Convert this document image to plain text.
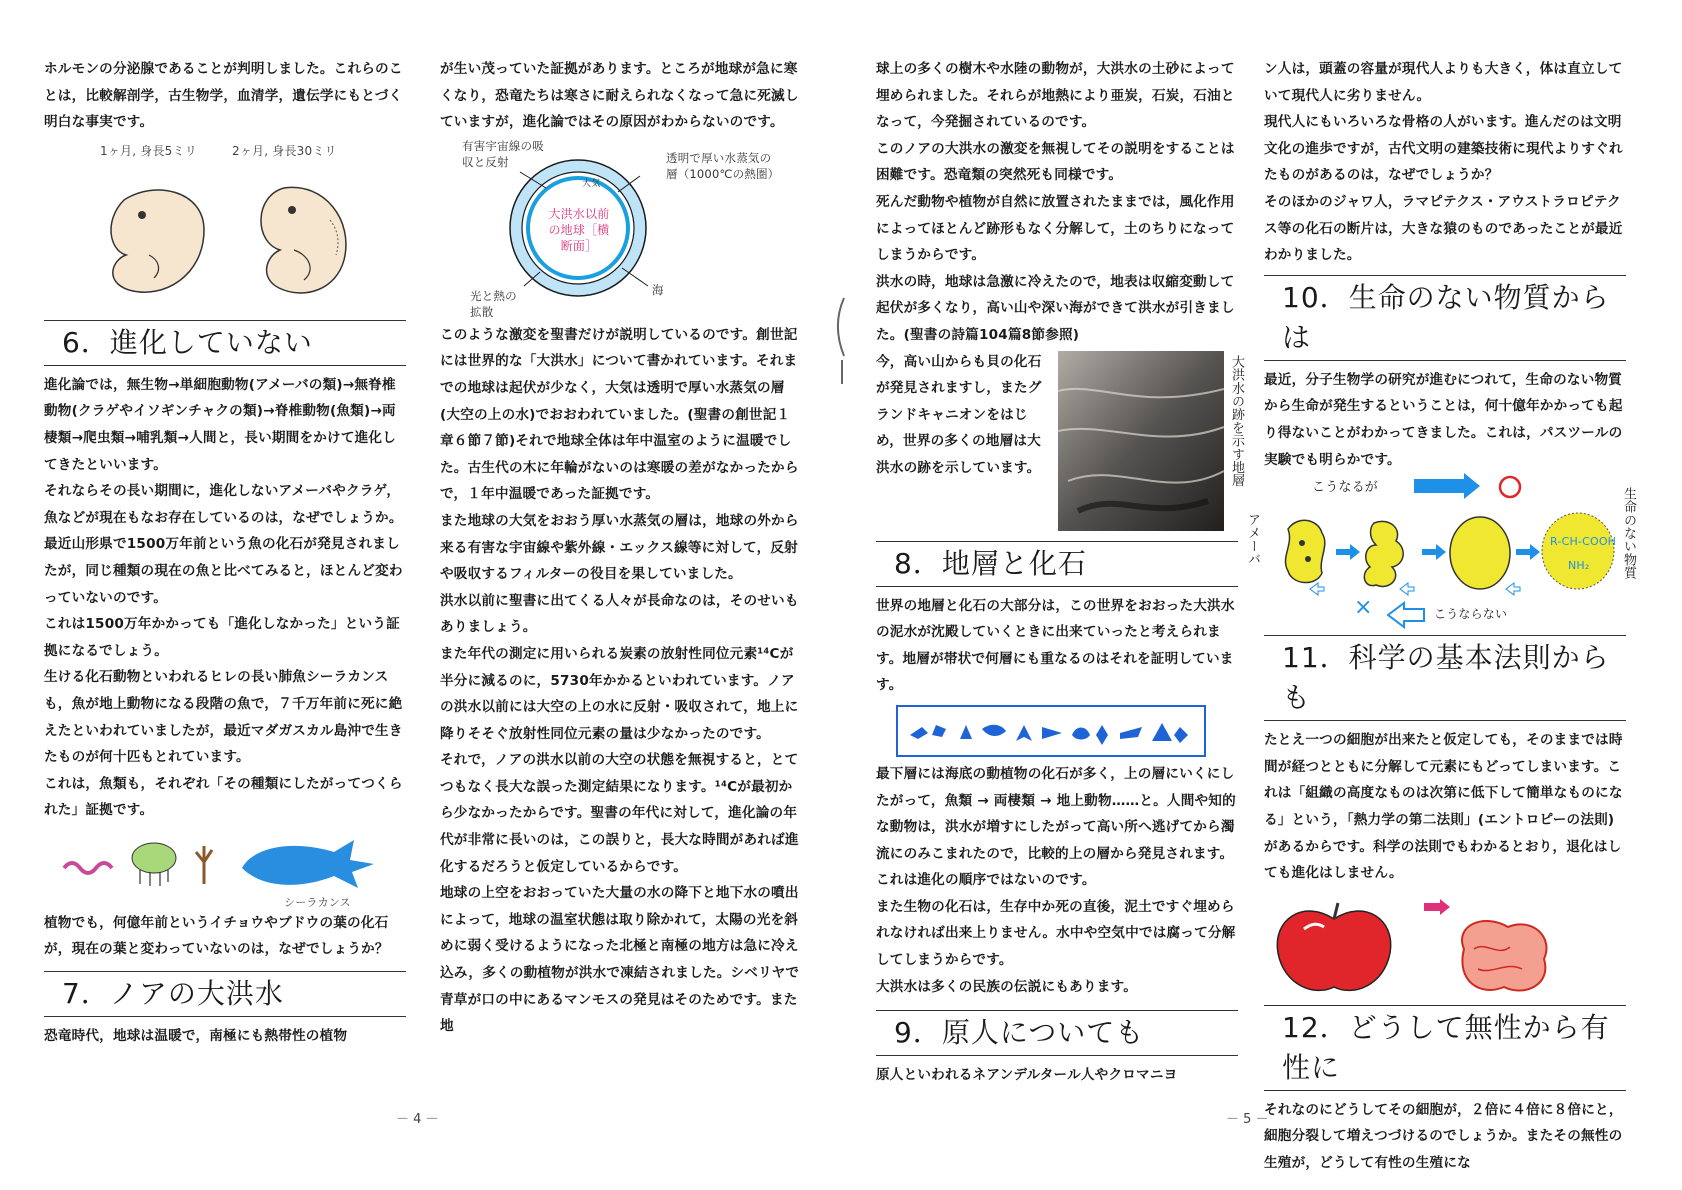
ホルモンの分泌腺であることが判明しました。これらのことは，比較解剖学，古生物学，血清学，遺伝学にもとづく明白な事実です。

1ヶ月, 身長5ミリ	2ヶ月, 身長30ミリ
6．進化していない

進化論では，無生物→単細胞動物(アメーバの類)→無脊椎動物(クラゲやイソギンチャクの類)→脊椎動物(魚類)→両棲類→爬虫類→哺乳類→人間と，長い期間をかけて進化してきたといいます。

それならその長い期間に，進化しないアメーバやクラゲ，魚などが現在もなお存在しているのは，なぜでしょうか。

最近山形県で1500万年前という魚の化石が発見されましたが，同じ種類の現在の魚と比べてみると，ほとんど変わっていないのです。

これは1500万年かかっても「進化しなかった」という証拠になるでしょう。

生ける化石動物といわれるヒレの長い肺魚シーラカンスも，魚が地上動物になる段階の魚で，７千万年前に死に絶えたといわれていましたが，最近マダガスカル島沖で生きたものが何十匹もとれています。

これは，魚類も，それぞれ「その種類にしたがってつくられた」証拠です。

シーラカンス

植物でも，何億年前というイチョウやブドウの葉の化石が，現在の葉と変わっていないのは，なぜでしょうか？

7．ノアの大洪水

恐竜時代，地球は温暖で，南極にも熱帯性の植物

が生い茂っていた証拠があります。ところが地球が急に寒くなり，恐竜たちは寒さに耐えられなくなって急に死滅していますが，進化論ではその原因がわからないのです。

有害宇宙線の吸収と反射	透明で厚い水蒸気の層（1000℃の熱圏）
大気
大洪水以前の地球［横断面］
光と熱の拡散
海

このような激変を聖書だけが説明しているのです。創世記には世界的な「大洪水」について書かれています。それまでの地球は起伏が少なく，大気は透明で厚い水蒸気の層(大空の上の水)でおおわれていました。(聖書の創世記１章６節７節)それで地球全体は年中温室のように温暖でした。古生代の木に年輪がないのは寒暖の差がなかったからで，１年中温暖であった証拠です。

また地球の大気をおおう厚い水蒸気の層は，地球の外から来る有害な宇宙線や紫外線・エックス線等に対して，反射や吸収するフィルターの役目を果していました。

洪水以前に聖書に出てくる人々が長命なのは，そのせいもありましょう。

また年代の測定に用いられる炭素の放射性同位元素¹⁴Cが半分に減るのに，5730年かかるといわれています。ノアの洪水以前には大空の上の水に反射・吸収されて，地上に降りそそぐ放射性同位元素の量は少なかったのです。

それで，ノアの洪水以前の大空の状態を無視すると，とてつもなく長大な誤った測定結果になります。¹⁴Cが最初から少なかったからです。聖書の年代に対して，進化論の年代が非常に長いのは，この誤りと，長大な時間があれば進化するだろうと仮定しているからです。

地球の上空をおおっていた大量の水の降下と地下水の噴出によって，地球の温室状態は取り除かれて，太陽の光を斜めに弱く受けるようになった北極と南極の地方は急に冷え込み，多くの動植物が洪水で凍結されました。シベリヤで青草が口の中にあるマンモスの発見はそのためです。また地

－ 4 －

球上の多くの樹木や水陸の動物が，大洪水の土砂によって埋められました。それらが地熱により亜炭，石炭，石油となって，今発掘されているのです。

このノアの大洪水の激変を無視してその説明をすることは困難です。恐竜類の突然死も同様です。

死んだ動物や植物が自然に放置されたままでは，風化作用によってほとんど跡形もなく分解して，土のちりになってしまうからです。

洪水の時，地球は急激に冷えたので，地表は収縮変動して起伏が多くなり，高い山や深い海ができて洪水が引きました。(聖書の詩篇104篇8節参照)

今，高い山からも貝の化石が発見されますし，またグランドキャニオンをはじめ，世界の多くの地層は大洪水の跡を示しています。	大洪水の跡を示す地層
8．地層と化石

世界の地層と化石の大部分は，この世界をおおった大洪水の泥水が沈殿していくときに出来ていったと考えられます。地層が帯状で何層にも重なるのはそれを証明しています。

最下層には海底の動植物の化石が多く，上の層にいくにしたがって，魚類 → 両棲類 → 地上動物……と。人間や知的な動物は，洪水が増すにしたがって高い所へ逃げてから濁流にのみこまれたので，比較的上の層から発見されます。これは進化の順序ではないのです。

また生物の化石は，生存中か死の直後，泥土ですぐ埋められなければ出来上りません。水中や空気中では腐って分解してしまうからです。

大洪水は多くの民族の伝説にもあります。

9．原人についても

原人といわれるネアンデルタール人やクロマニヨ

ン人は，頭蓋の容量が現代人よりも大きく，体は直立していて現代人に劣りません。

現代人にもいろいろな骨格の人がいます。進んだのは文明文化の進歩ですが，古代文明の建築技術に現代よりすぐれたものがあるのは，なぜでしょうか？

そのほかのジャワ人，ラマピテクス・アウストラロピテクス等の化石の断片は，大きな猿のものであったことが最近わかりました。

10．生命のない物質からは

最近，分子生物学の研究が進むにつれて，生命のない物質から生命が発生するということは，何十億年かかっても起り得ないことがわかってきました。これは，パスツールの実験でも明らかです。

こうなるが
アメーバ	R-CH-COOH
NH₂ 生命のない物質
×	こうならない
11．科学の基本法則からも

たとえ一つの細胞が出来たと仮定しても，そのままでは時間が経つとともに分解して元素にもどってしまいます。これは「組織の高度なものは次第に低下して簡単なものになる」という，「熱力学の第二法則」(エントロピーの法則)があるからです。科学の法則でもわかるとおり，退化はしても進化はしません。

12．どうして無性から有性に

それなのにどうしてその細胞が，２倍に４倍に８倍にと，細胞分裂して増えつづけるのでしょうか。またその無性の生殖が，どうして有性の生殖にな

－ 5 －
